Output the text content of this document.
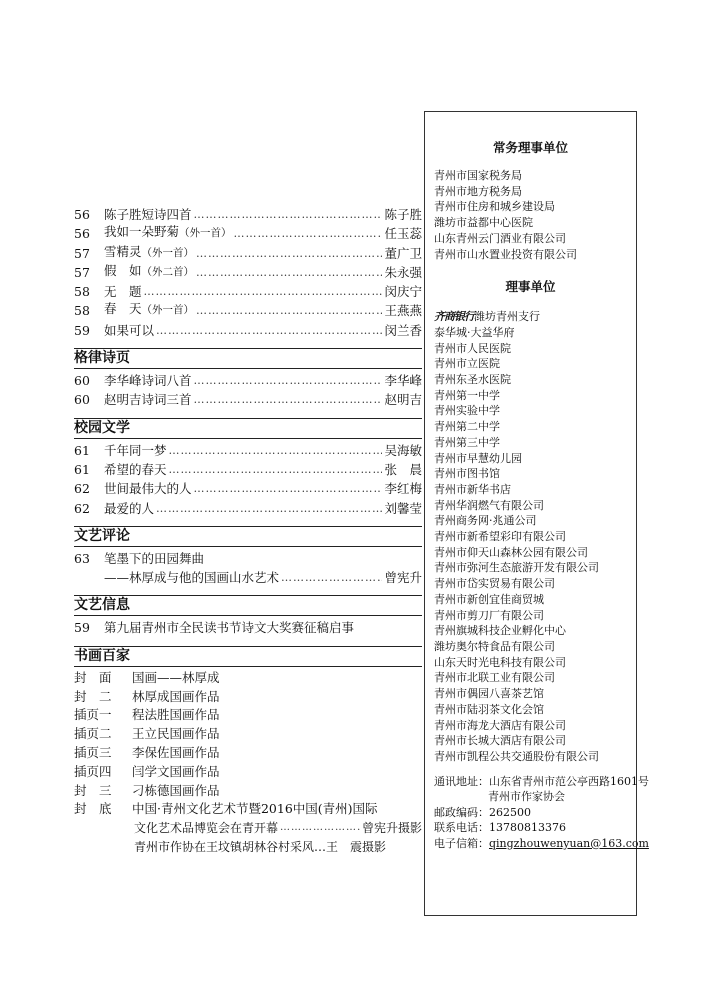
56	陈子胜短诗四首 …………………………………………………………………………………………………………………	陈子胜
56	我如一朵野菊（外一首） …………………………………………………………………………………………………………………	任玉蕊
57	雪精灵（外一首） …………………………………………………………………………………………………………………	董广卫
57	假　如（外二首） …………………………………………………………………………………………………………………	朱永强
58	无　题 …………………………………………………………………………………………………………………	闵庆宁
58	春　天（外一首） …………………………………………………………………………………………………………………	王燕燕
59	如果可以 …………………………………………………………………………………………………………………	闵兰香
格律诗页
60	李华峰诗词八首 …………………………………………………………………………………………………………………	李华峰
60	赵明吉诗词三首 …………………………………………………………………………………………………………………	赵明吉
校园文学
61	千年同一梦 …………………………………………………………………………………………………………………	吴海敏
61	希望的春天 …………………………………………………………………………………………………………………	张　晨
62	世间最伟大的人 …………………………………………………………………………………………………………………	李红梅
62	最爱的人 …………………………………………………………………………………………………………………	刘馨莹
文艺评论
63	笔墨下的田园舞曲
——林厚成与他的国画山水艺术 …………………………………………………………………………………………………………………	曾宪升
文艺信息
59	第九届青州市全民读书节诗文大奖赛征稿启事
书画百家
封　面	国画——林厚成
封　二	林厚成国画作品
插页一	程法胜国画作品
插页二	王立民国画作品
插页三	李保佐国画作品
插页四	闫学文国画作品
封　三	刁栋德国画作品
封　底	中国·青州文化艺术节暨2016中国(青州)国际
文化艺术品博览会在青开幕 …………………………………………………………………………………………………………………	曾宪升摄影
青州市作协在王坟镇胡林谷村采风…王　震摄影
常务理事单位
青州市国家税务局
青州市地方税务局
青州市住房和城乡建设局
潍坊市益都中心医院
山东青州云门酒业有限公司
青州市山水置业投资有限公司
理事单位
齐商银行潍坊青州支行
泰华城·大益华府
青州市人民医院
青州市立医院
青州东圣水医院
青州第一中学
青州实验中学
青州第二中学
青州第三中学
青州市早慧幼儿园
青州市图书馆
青州市新华书店
青州华润燃气有限公司
青州商务网·兆通公司
青州市新希望彩印有限公司
青州市仰天山森林公园有限公司
青州市弥河生态旅游开发有限公司
青州市岱实贸易有限公司
青州市新创宜佳商贸城
青州市剪刀厂有限公司
青州旗城科技企业孵化中心
潍坊奥尔特食品有限公司
山东天时光电科技有限公司
青州市北联工业有限公司
青州市偶园八喜茶艺馆
青州市陆羽茶文化会馆
青州市海龙大酒店有限公司
青州市长城大酒店有限公司
青州市凯程公共交通股份有限公司
通讯地址：山东省青州市范公亭西路1601号
青州市作家协会
邮政编码：262500
联系电话：13780813376
电子信箱：qingzhouwenyuan@163.com
